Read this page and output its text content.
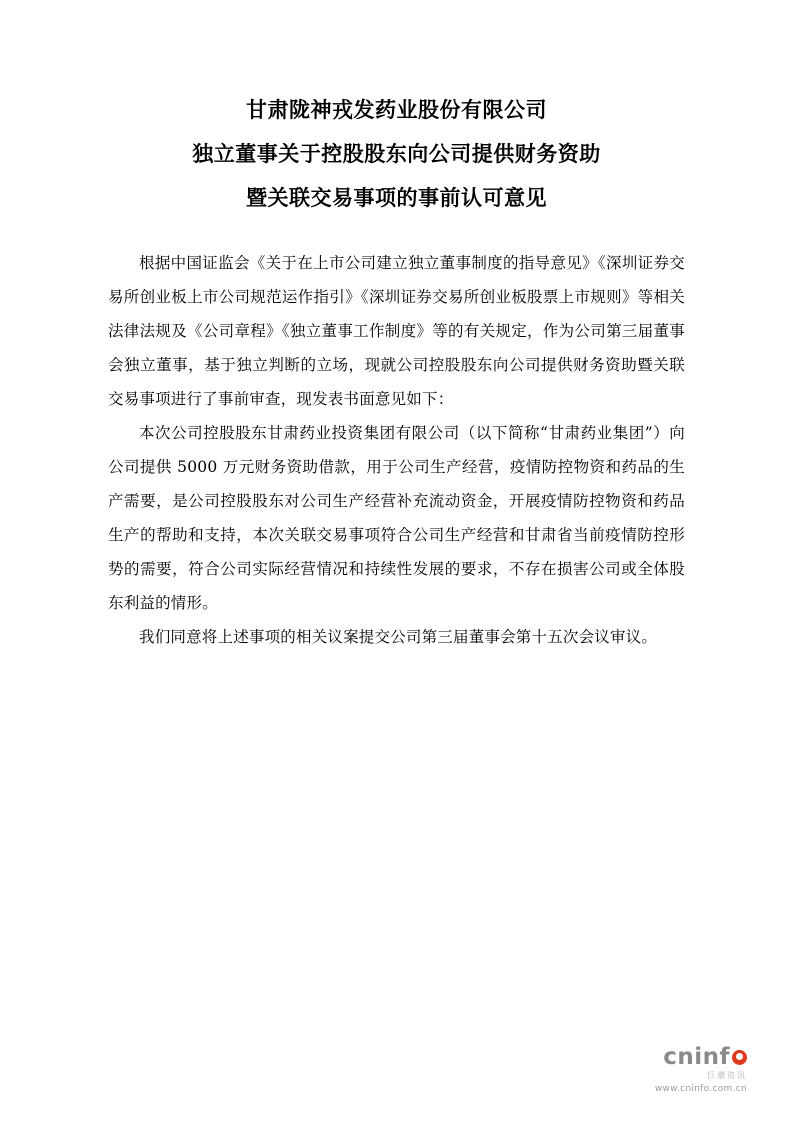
甘肃陇神戎发药业股份有限公司
独立董事关于控股股东向公司提供财务资助
暨关联交易事项的事前认可意见

根据中国证监会《关于在上市公司建立独立董事制度的指导意见》《深圳证券交易所创业板上市公司规范运作指引》《深圳证券交易所创业板股票上市规则》等相关法律法规及《公司章程》《独立董事工作制度》等的有关规定，作为公司第三届董事会独立董事，基于独立判断的立场，现就公司控股股东向公司提供财务资助暨关联交易事项进行了事前审查，现发表书面意见如下：

本次公司控股股东甘肃药业投资集团有限公司（以下简称“甘肃药业集团”）向公司提供 5000 万元财务资助借款，用于公司生产经营，疫情防控物资和药品的生产需要，是公司控股股东对公司生产经营补充流动资金，开展疫情防控物资和药品生产的帮助和支持，本次关联交易事项符合公司生产经营和甘肃省当前疫情防控形势的需要，符合公司实际经营情况和持续性发展的要求，不存在损害公司或全体股东利益的情形。

我们同意将上述事项的相关议案提交公司第三届董事会第十五次会议审议。

cninf
巨潮资讯
www.cninfo.com.cn
